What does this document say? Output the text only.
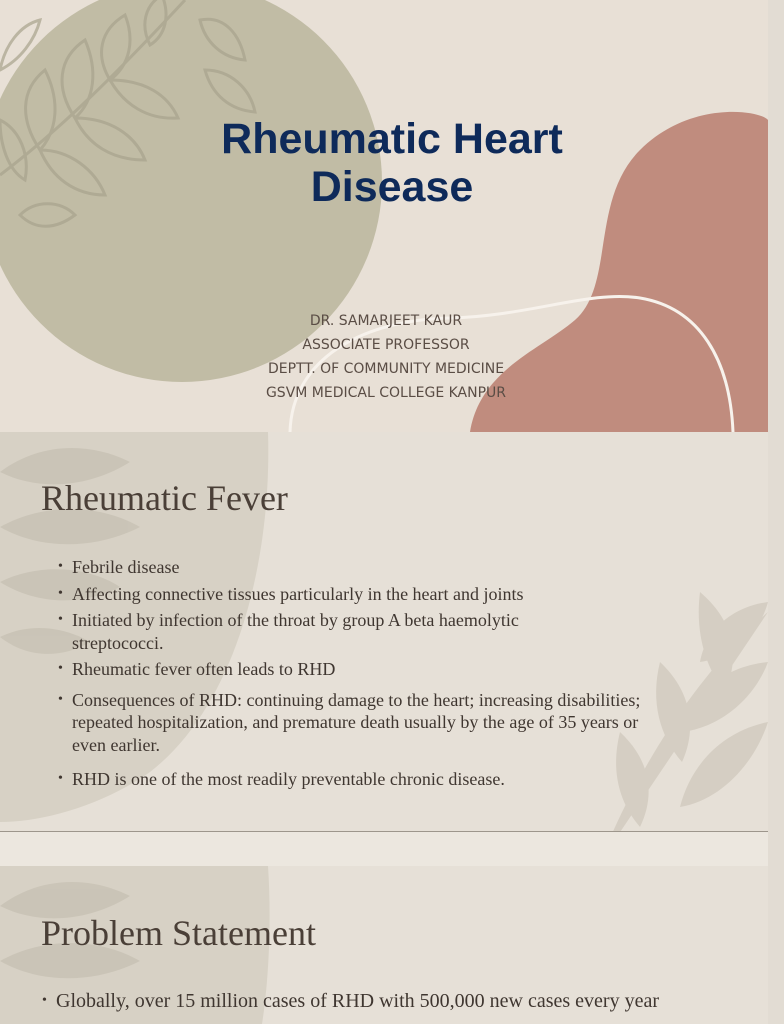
Rheumatic Heart
Disease

DR. SAMARJEET KAUR
ASSOCIATE PROFESSOR
DEPTT. OF COMMUNITY MEDICINE
GSVM MEDICAL COLLEGE KANPUR

Rheumatic Fever
• Febrile disease
• Affecting connective tissues particularly in the heart and joints
• Initiated by infection of the throat by group A beta haemolytic streptococci.
• Rheumatic fever often leads to RHD
• Consequences of RHD: continuing damage to the heart; increasing disabilities; repeated hospitalization, and premature death usually by the age of 35 years or even earlier.
• RHD is one of the most readily preventable chronic disease.
Problem Statement
• Globally, over 15 million cases of RHD with 500,000 new cases every year
